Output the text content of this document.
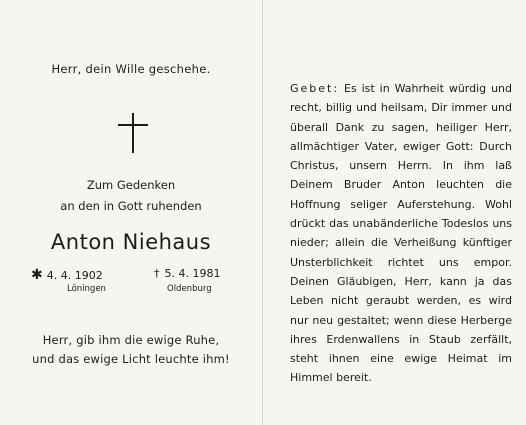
Herr, dein Wille geschehe.
Zum Gedenken
an den in Gott ruhenden
Anton Niehaus
✱ 4. 4. 1902	† 5. 4. 1981
Löningen	Oldenburg
Herr, gib ihm die ewige Ruhe,
und das ewige Licht leuchte ihm!
Gebet: Es ist in Wahrheit würdig und recht, billig und heilsam, Dir immer und überall Dank zu sagen, heiliger Herr, allmächtiger Vater, ewiger Gott: Durch Christus, unsern Herrn. In ihm laß Deinem Bruder Anton leuchten die Hoffnung seliger Auferstehung. Wohl drückt das unabänderliche Todeslos uns nieder; allein die Verheißung künftiger Unsterblichkeit richtet uns empor. Deinen Gläubigen, Herr, kann ja das Leben nicht geraubt werden, es wird nur neu gestaltet; wenn diese Herberge ihres Erdenwallens in Staub zerfällt, steht ihnen eine ewige Heimat im Himmel bereit.
